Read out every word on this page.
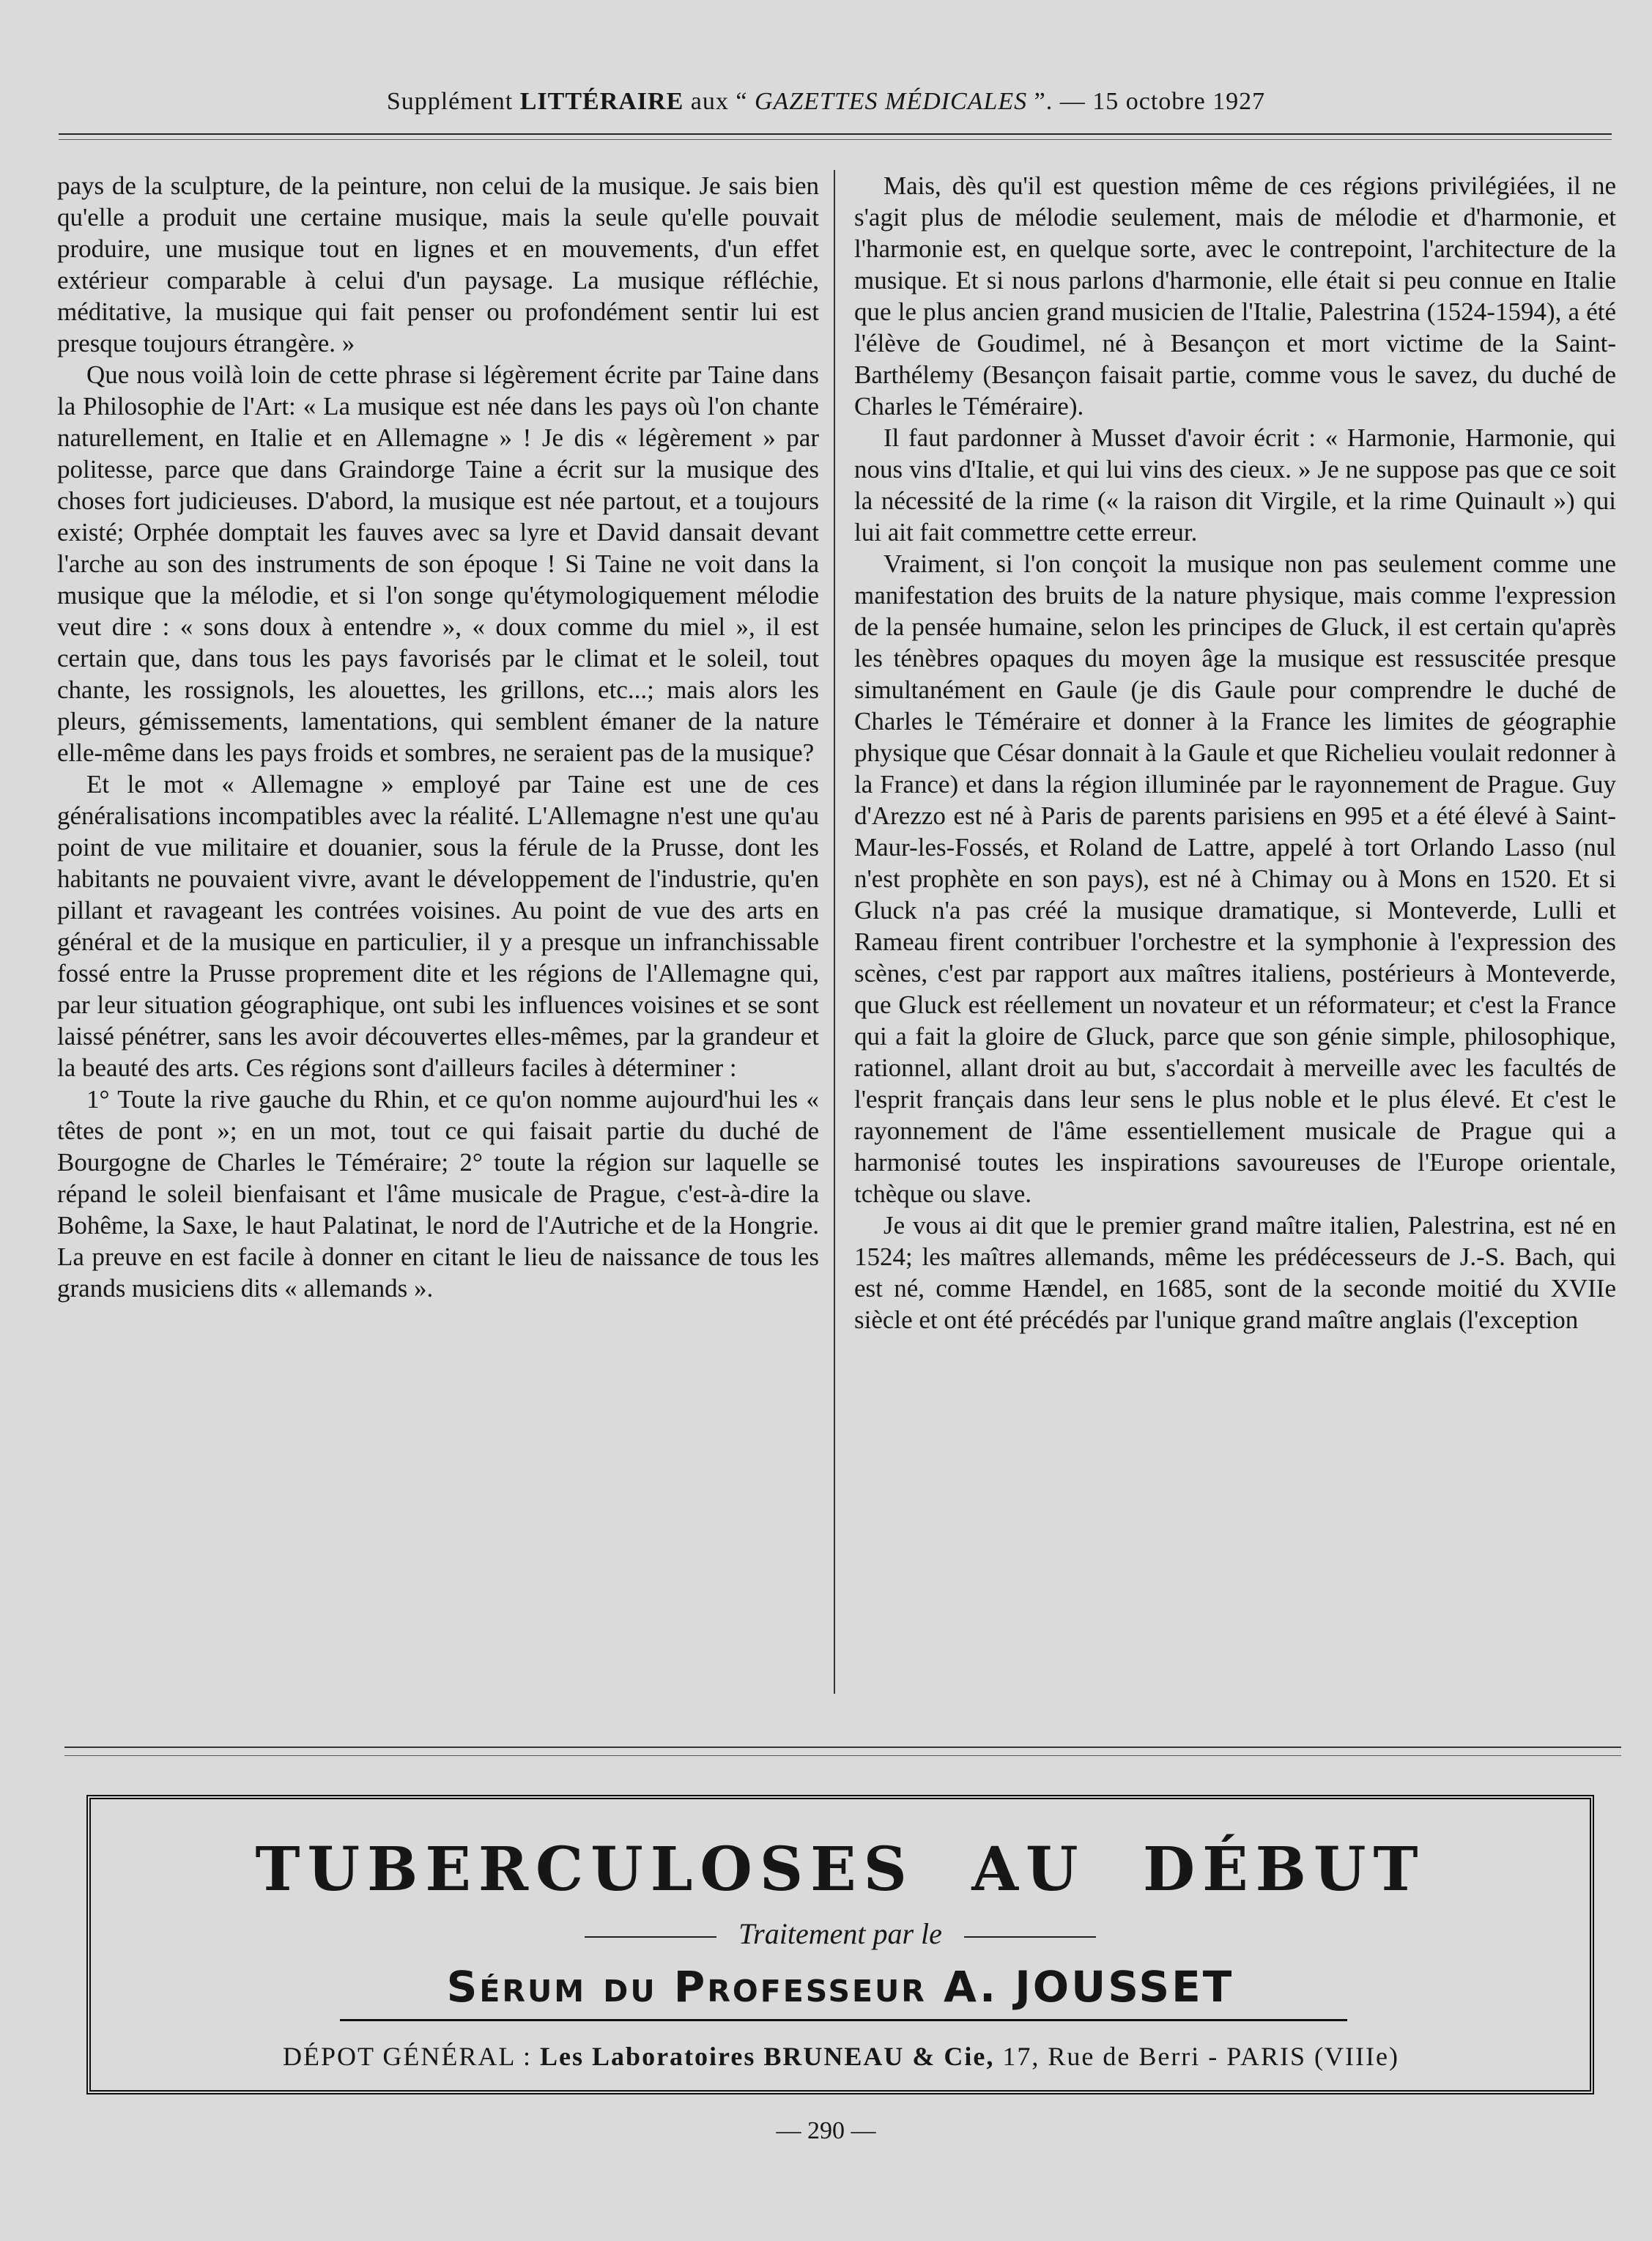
Supplément LITTÉRAIRE aux “ GAZETTES MÉDICALES ”. — 15 octobre 1927

pays de la sculpture, de la peinture, non celui de la musique. Je sais bien qu'elle a produit une certaine musique, mais la seule qu'elle pouvait produire, une musique tout en lignes et en mouvements, d'un effet extérieur comparable à celui d'un paysage. La musique réfléchie, méditative, la musique qui fait penser ou profondément sentir lui est presque toujours étrangère. »

Que nous voilà loin de cette phrase si légèrement écrite par Taine dans la Philosophie de l'Art: « La musique est née dans les pays où l'on chante naturellement, en Italie et en Allemagne » ! Je dis « légèrement » par politesse, parce que dans Graindorge Taine a écrit sur la musique des choses fort judicieuses. D'abord, la musique est née partout, et a toujours existé; Orphée domptait les fauves avec sa lyre et David dansait devant l'arche au son des instruments de son époque ! Si Taine ne voit dans la musique que la mélodie, et si l'on songe qu'étymologiquement mélodie veut dire : « sons doux à entendre », « doux comme du miel », il est certain que, dans tous les pays favorisés par le climat et le soleil, tout chante, les rossignols, les alouettes, les grillons, etc...; mais alors les pleurs, gémissements, lamentations, qui semblent émaner de la nature elle-même dans les pays froids et sombres, ne seraient pas de la musique?

Et le mot « Allemagne » employé par Taine est une de ces généralisations incompatibles avec la réalité. L'Allemagne n'est une qu'au point de vue militaire et douanier, sous la férule de la Prusse, dont les habitants ne pouvaient vivre, avant le développement de l'industrie, qu'en pillant et ravageant les contrées voisines. Au point de vue des arts en général et de la musique en particulier, il y a presque un infranchissable fossé entre la Prusse proprement dite et les régions de l'Allemagne qui, par leur situation géographique, ont subi les influences voisines et se sont laissé pénétrer, sans les avoir découvertes elles-mêmes, par la grandeur et la beauté des arts. Ces régions sont d'ailleurs faciles à déterminer :

1° Toute la rive gauche du Rhin, et ce qu'on nomme aujourd'hui les « têtes de pont »; en un mot, tout ce qui faisait partie du duché de Bourgogne de Charles le Téméraire; 2° toute la région sur laquelle se répand le soleil bienfaisant et l'âme musicale de Prague, c'est-à-dire la Bohême, la Saxe, le haut Palatinat, le nord de l'Autriche et de la Hongrie. La preuve en est facile à donner en citant le lieu de naissance de tous les grands musiciens dits « allemands ».

Mais, dès qu'il est question même de ces régions privilégiées, il ne s'agit plus de mélodie seulement, mais de mélodie et d'harmonie, et l'harmonie est, en quelque sorte, avec le contrepoint, l'architecture de la musique. Et si nous parlons d'harmonie, elle était si peu connue en Italie que le plus ancien grand musicien de l'Italie, Palestrina (1524-1594), a été l'élève de Goudimel, né à Besançon et mort victime de la Saint-Barthélemy (Besançon faisait partie, comme vous le savez, du duché de Charles le Téméraire).

Il faut pardonner à Musset d'avoir écrit : « Harmonie, Harmonie, qui nous vins d'Italie, et qui lui vins des cieux. » Je ne suppose pas que ce soit la nécessité de la rime (« la raison dit Virgile, et la rime Quinault ») qui lui ait fait commettre cette erreur.

Vraiment, si l'on conçoit la musique non pas seulement comme une manifestation des bruits de la nature physique, mais comme l'expression de la pensée humaine, selon les principes de Gluck, il est certain qu'après les ténèbres opaques du moyen âge la musique est ressuscitée presque simultanément en Gaule (je dis Gaule pour comprendre le duché de Charles le Téméraire et donner à la France les limites de géographie physique que César donnait à la Gaule et que Richelieu voulait redonner à la France) et dans la région illuminée par le rayonnement de Prague. Guy d'Arezzo est né à Paris de parents parisiens en 995 et a été élevé à Saint-Maur-les-Fossés, et Roland de Lattre, appelé à tort Orlando Lasso (nul n'est prophète en son pays), est né à Chimay ou à Mons en 1520. Et si Gluck n'a pas créé la musique dramatique, si Monteverde, Lulli et Rameau firent contribuer l'orchestre et la symphonie à l'expression des scènes, c'est par rapport aux maîtres italiens, postérieurs à Monteverde, que Gluck est réellement un novateur et un réformateur; et c'est la France qui a fait la gloire de Gluck, parce que son génie simple, philosophique, rationnel, allant droit au but, s'accordait à merveille avec les facultés de l'esprit français dans leur sens le plus noble et le plus élevé. Et c'est le rayonnement de l'âme essentiellement musicale de Prague qui a harmonisé toutes les inspirations savoureuses de l'Europe orientale, tchèque ou slave.

Je vous ai dit que le premier grand maître italien, Palestrina, est né en 1524; les maîtres allemands, même les prédécesseurs de J.-S. Bach, qui est né, comme Hændel, en 1685, sont de la seconde moitié du XVIIe siècle et ont été précédés par l'unique grand maître anglais (l'exception

TUBERCULOSES AU DÉBUT
Traitement par le
Sérum du Professeur A. JOUSSET
DÉPOT GÉNÉRAL : Les Laboratoires BRUNEAU & Cie, 17, Rue de Berri - PARIS (VIIIe)
— 290 —
